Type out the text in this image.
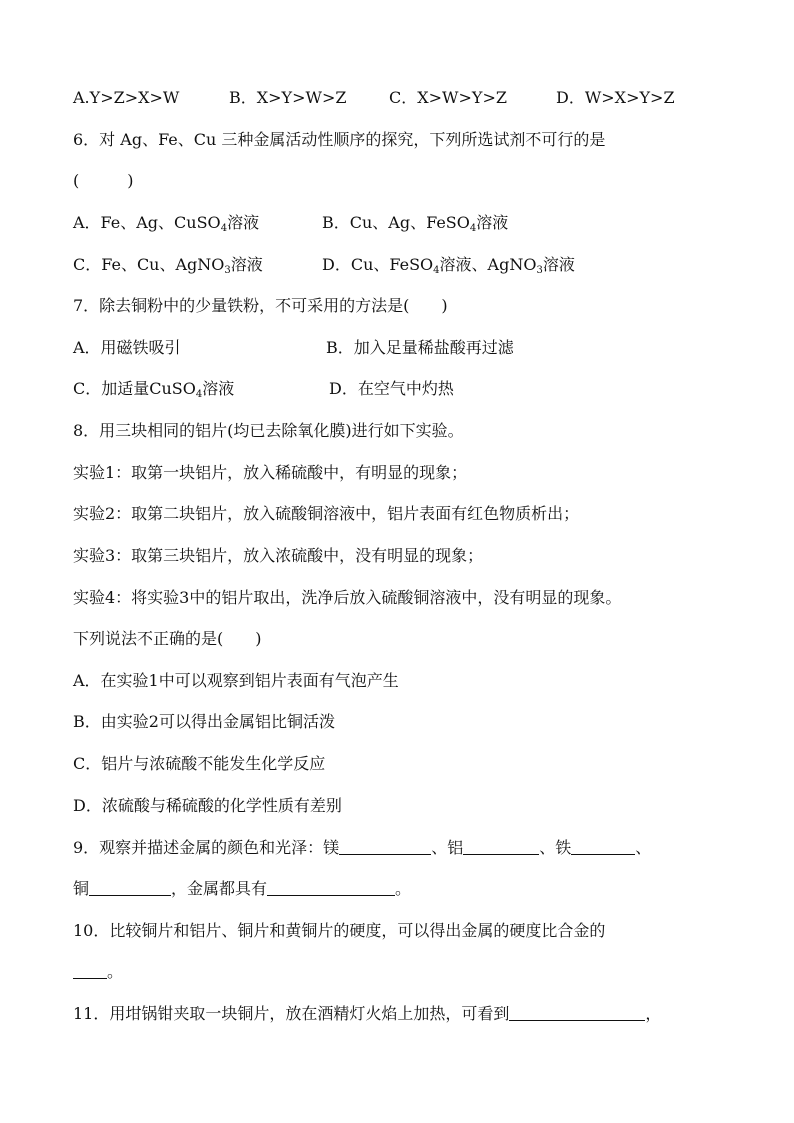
A.Y>Z>X>W	B．X>Y>W>Z	C．X>W>Y>Z	D．W>X>Y>Z
6．对 Ag、Fe、Cu 三种金属活动性顺序的探究，下列所选试剂不可行的是
(　　　)
A．Fe、Ag、CuSO$_4$溶液	B．Cu、Ag、FeSO$_4$溶液
C．Fe、Cu、AgNO$_3$溶液	D．Cu、FeSO$_4$溶液、AgNO$_3$溶液
7．除去铜粉中的少量铁粉，不可采用的方法是(　　)
A．用磁铁吸引	B．加入足量稀盐酸再过滤
C．加适量CuSO$_4$溶液	D．在空气中灼热
8．用三块相同的铝片(均已去除氧化膜)进行如下实验。
实验1：取第一块铝片，放入稀硫酸中，有明显的现象；
实验2：取第二块铝片，放入硫酸铜溶液中，铝片表面有红色物质析出；
实验3：取第三块铝片，放入浓硫酸中，没有明显的现象；
实验4：将实验3中的铝片取出，洗净后放入硫酸铜溶液中，没有明显的现象。
下列说法不正确的是(　　)
A．在实验1中可以观察到铝片表面有气泡产生
B．由实验2可以得出金属铝比铜活泼
C．铝片与浓硫酸不能发生化学反应
D．浓硫酸与稀硫酸的化学性质有差别
9．观察并描述金属的颜色和光泽：镁	、铝	、铁	、
铜	，金属都具有	。
10．比较铜片和铝片、铜片和黄铜片的硬度，可以得出金属的硬度比合金的
。
11．用坩锅钳夹取一块铜片，放在酒精灯火焰上加热，可看到	，
